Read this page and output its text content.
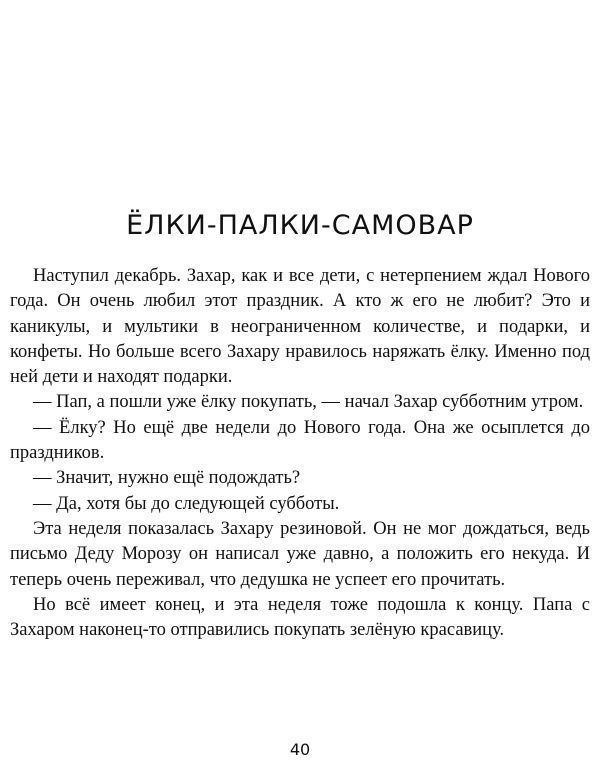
ЁЛКИ-ПАЛКИ-САМОВАР

Наступил декабрь. Захар, как и все дети, с нетерпением ждал Нового года. Он очень любил этот праздник. А кто ж его не любит? Это и каникулы, и мультики в неограниченном количестве, и подарки, и конфеты. Но больше всего Захару нравилось наряжать ёлку. Именно под ней дети и находят подарки.

— Пап, а пошли уже ёлку покупать, — начал Захар субботним утром.

— Ёлку? Но ещё две недели до Нового года. Она же осыплется до праздников.

— Значит, нужно ещё подождать?

— Да, хотя бы до следующей субботы.

Эта неделя показалась Захару резиновой. Он не мог дождаться, ведь письмо Деду Морозу он написал уже давно, а положить его некуда. И теперь очень переживал, что дедушка не успеет его прочитать.

Но всё имеет конец, и эта неделя тоже подошла к концу. Папа с Захаром наконец-то отправились покупать зелёную красавицу.

40
